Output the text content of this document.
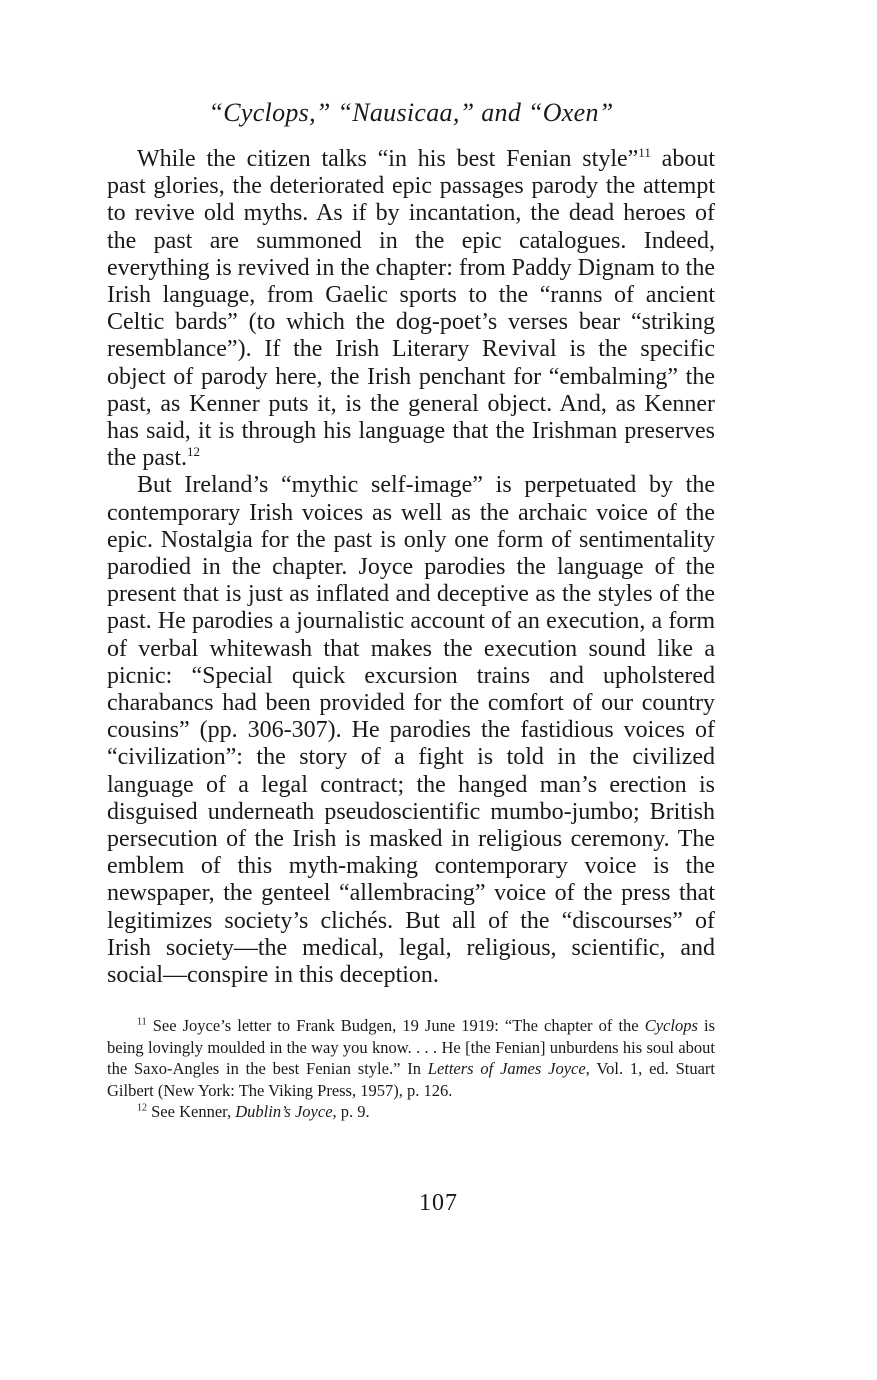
“Cyclops,” “Nausicaa,” and “Oxen”

While the citizen talks “in his best Fenian style”$^{11}$ about past glories, the deteriorated epic passages parody the attempt to revive old myths. As if by incantation, the dead heroes of the past are summoned in the epic catalogues. Indeed, everything is revived in the chapter: from Paddy Dignam to the Irish language, from Gaelic sports to the “ranns of ancient Celtic bards” (to which the dog-poet’s verses bear “striking resemblance”). If the Irish Literary Revival is the specific object of parody here, the Irish penchant for “embalming” the past, as Kenner puts it, is the general object. And, as Kenner has said, it is through his language that the Irishman preserves the past.$^{12}$

But Ireland’s “mythic self-image” is perpetuated by the contemporary Irish voices as well as the archaic voice of the epic. Nostalgia for the past is only one form of sentimentality parodied in the chapter. Joyce parodies the language of the present that is just as inflated and deceptive as the styles of the past. He parodies a journalistic account of an execution, a form of verbal whitewash that makes the execution sound like a picnic: “Special quick excursion trains and upholstered charabancs had been provided for the comfort of our country cousins” (pp. 306-307). He parodies the fastidious voices of “civilization”: the story of a fight is told in the civilized language of a legal contract; the hanged man’s erection is disguised underneath pseudoscientific mumbo-jumbo; British persecution of the Irish is masked in religious ceremony. The emblem of this myth-making contemporary voice is the newspaper, the genteel “allembracing” voice of the press that legitimizes society’s clichés. But all of the “discourses” of Irish society—the medical, legal, religious, scientific, and social—conspire in this deception.

$^{11}$ See Joyce’s letter to Frank Budgen, 19 June 1919: “The chapter of the Cyclops is being lovingly moulded in the way you know. . . . He [the Fenian] unburdens his soul about the Saxo-Angles in the best Fenian style.” In Letters of James Joyce, Vol. 1, ed. Stuart Gilbert (New York: The Viking Press, 1957), p. 126.

$^{12}$ See Kenner, Dublin’s Joyce, p. 9.

107
